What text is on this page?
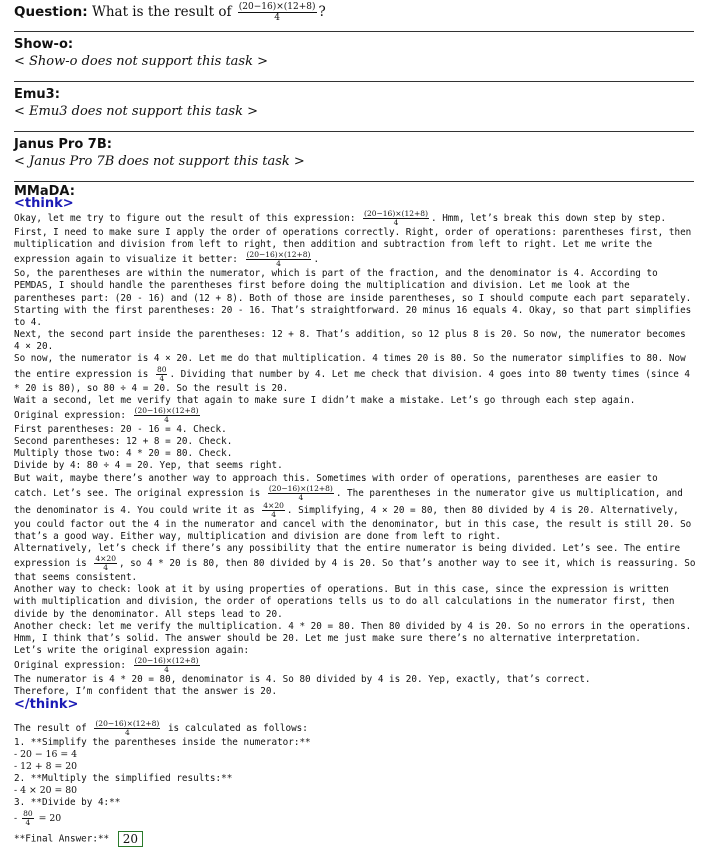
Question: What is the result of $\frac{(20-16)\times(12+8)}{4}$ ?
Show-o:
< Show-o does not support this task >
Emu3:
< Emu3 does not support this task >
Janus Pro 7B:
< Janus Pro 7B does not support this task >
MMaDA:
<think>

Okay, let me try to figure out the result of this expression: $\frac{(20-16)\times(12+8)}{4}$ . Hmm, let’s break this down step by step. First, I need to make sure I apply the order of operations correctly. Right, order of operations: parentheses first, then multiplication and division from left to right, then addition and subtraction from left to right. Let me write the expression again to visualize it better: $\frac{(20-16)\times(12+8)}{4}$ .

So, the parentheses are within the numerator, which is part of the fraction, and the denominator is 4. According to PEMDAS, I should handle the parentheses first before doing the multiplication and division. Let me look at the parentheses part: (20 - 16) and (12 + 8). Both of those are inside parentheses, so I should compute each part separately.

Starting with the first parentheses: 20 - 16. That’s straightforward. 20 minus 16 equals 4. Okay, so that part simplifies to 4.

Next, the second part inside the parentheses: 12 + 8. That’s addition, so 12 plus 8 is 20. So now, the numerator becomes 4 × 20.

So now, the numerator is 4 × 20. Let me do that multiplication. 4 times 20 is 80. So the numerator simplifies to 80. Now the entire expression is $\frac{80}{4}$ . Dividing that number by 4. Let me check that division. 4 goes into 80 twenty times (since 4 * 20 is 80), so 80 ÷ 4 = 20. So the result is 20.

Wait a second, let me verify that again to make sure I didn’t make a mistake. Let’s go through each step again.

Original expression: $\frac{(20-16)\times(12+8)}{4}$

First parentheses: 20 - 16 = 4. Check.

Second parentheses: 12 + 8 = 20. Check.

Multiply those two: 4 * 20 = 80. Check.

Divide by 4: 80 ÷ 4 = 20. Yep, that seems right.

But wait, maybe there’s another way to approach this. Sometimes with order of operations, parentheses are easier to catch. Let’s see. The original expression is $\frac{(20-16)\times(12+8)}{4}$ . The parentheses in the numerator give us multiplication, and the denominator is 4. You could write it as $\frac{4\times 20}{4}$ . Simplifying, 4 × 20 = 80, then 80 divided by 4 is 20. Alternatively, you could factor out the 4 in the numerator and cancel with the denominator, but in this case, the result is still 20. So that’s a good way. Either way, multiplication and division are done from left to right.

Alternatively, let’s check if there’s any possibility that the entire numerator is being divided. Let’s see. The entire expression is $\frac{4\times 20}{4}$ , so 4 * 20 is 80, then 80 divided by 4 is 20. So that’s another way to see it, which is reassuring. So that seems consistent.

Another way to check: look at it by using properties of operations. But in this case, since the expression is written with multiplication and division, the order of operations tells us to do all calculations in the numerator first, then divide by the denominator. All steps lead to 20.

Another check: let me verify the multiplication. 4 * 20 = 80. Then 80 divided by 4 is 20. So no errors in the operations.

Hmm, I think that’s solid. The answer should be 20. Let me just make sure there’s no alternative interpretation.

Let’s write the original expression again:

Original expression: $\frac{(20-16)\times(12+8)}{4}$

The numerator is 4 * 20 = 80, denominator is 4. So 80 divided by 4 is 20. Yep, exactly, that’s correct.

Therefore, I’m confident that the answer is 20.

</think>

The result of $\frac{(20-16)\times(12+8)}{4}$ is calculated as follows:

1. **Simplify the parentheses inside the numerator:**

- 20 − 16 = 4

- 12 + 8 = 20

2. **Multiply the simplified results:**

- 4 × 20 = 80

3. **Divide by 4:**

- $\frac{80}{4} = 20$

**Final Answer:** 20
